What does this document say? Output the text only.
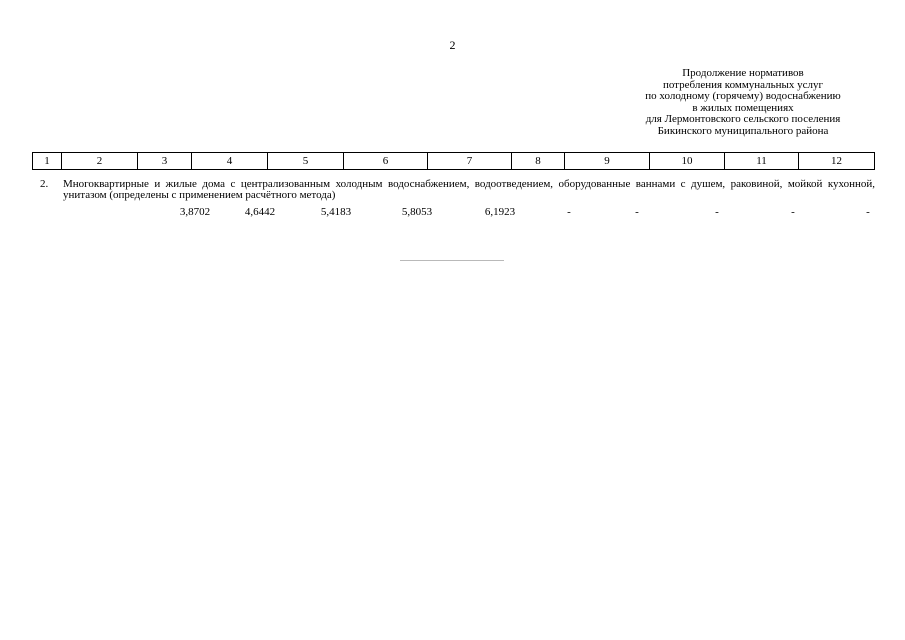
2
Продолжение нормативов
потребления коммунальных услуг
по холодному (горячему) водоснабжению
в жилых помещениях
для Лермонтовского сельского поселения
Бикинского муниципального района
1	2	3	4	5	6	7	8	9	10	11	12
2. Многоквартирные и жилые дома с централизованным холодным водоснабжением, водоотведением, оборудованные ваннами с душем, раковиной, мойкой кухонной, унитазом (определены с применением расчётного метода)
3,8702	4,6442	5,4183	5,8053	6,1923	-	-	-	-	-
